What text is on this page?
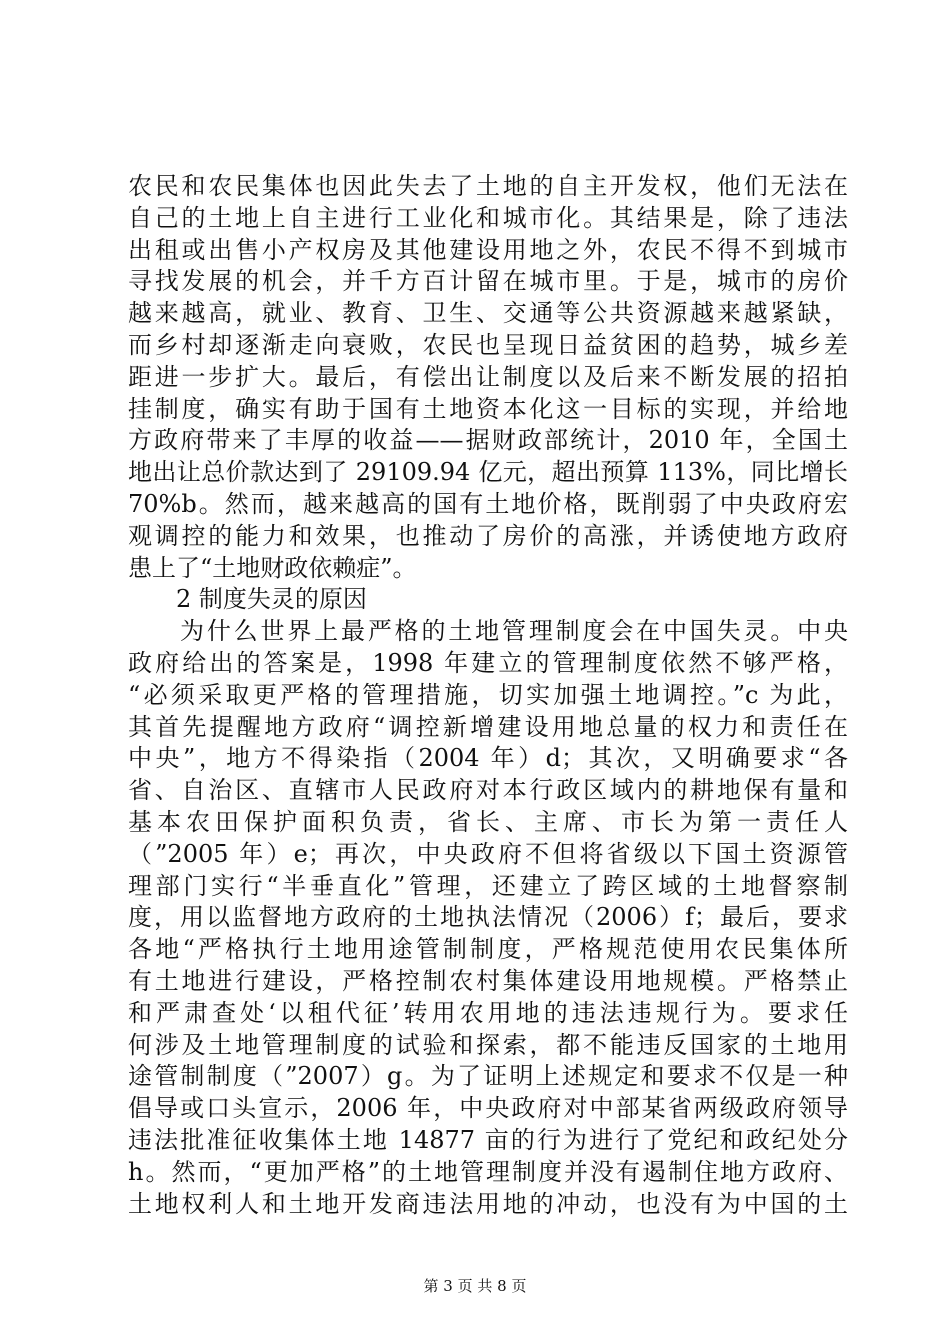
农民和农民集体也因此失去了土地的自主开发权，他们无法在
自己的土地上自主进行工业化和城市化。其结果是，除了违法
出租或出售小产权房及其他建设用地之外，农民不得不到城市
寻找发展的机会，并千方百计留在城市里。于是，城市的房价
越来越高，就业、教育、卫生、交通等公共资源越来越紧缺，
而乡村却逐渐走向衰败，农民也呈现日益贫困的趋势，城乡差
距进一步扩大。最后，有偿出让制度以及后来不断发展的招拍
挂制度，确实有助于国有土地资本化这一目标的实现，并给地
方政府带来了丰厚的收益——据财政部统计，2010 年，全国土
地出让总价款达到了 29109.94 亿元，超出预算 113%，同比增长
70%b。然而，越来越高的国有土地价格，既削弱了中央政府宏
观调控的能力和效果，也推动了房价的高涨，并诱使地方政府
患上了“土地财政依赖症”。
2 制度失灵的原因
为什么世界上最严格的土地管理制度会在中国失灵。中央
政府给出的答案是，1998 年建立的管理制度依然不够严格，
“必须采取更严格的管理措施，切实加强土地调控。”c 为此，
其首先提醒地方政府“调控新增建设用地总量的权力和责任在
中央”，地方不得染指（2004 年）d；其次，又明确要求“各
省、自治区、直辖市人民政府对本行政区域内的耕地保有量和
基本农田保护面积负责，省长、主席、市长为第一责任人
（”2005 年）e；再次，中央政府不但将省级以下国土资源管
理部门实行“半垂直化”管理，还建立了跨区域的土地督察制
度，用以监督地方政府的土地执法情况（2006）f；最后，要求
各地“严格执行土地用途管制制度，严格规范使用农民集体所
有土地进行建设，严格控制农村集体建设用地规模。严格禁止
和严肃查处‘以租代征’转用农用地的违法违规行为。要求任
何涉及土地管理制度的试验和探索，都不能违反国家的土地用
途管制制度（”2007）g。为了证明上述规定和要求不仅是一种
倡导或口头宣示，2006 年，中央政府对中部某省两级政府领导
违法批准征收集体土地 14877 亩的行为进行了党纪和政纪处分
h。然而，“更加严格”的土地管理制度并没有遏制住地方政府、
土地权利人和土地开发商违法用地的冲动，也没有为中国的土
第 3 页 共 8 页
